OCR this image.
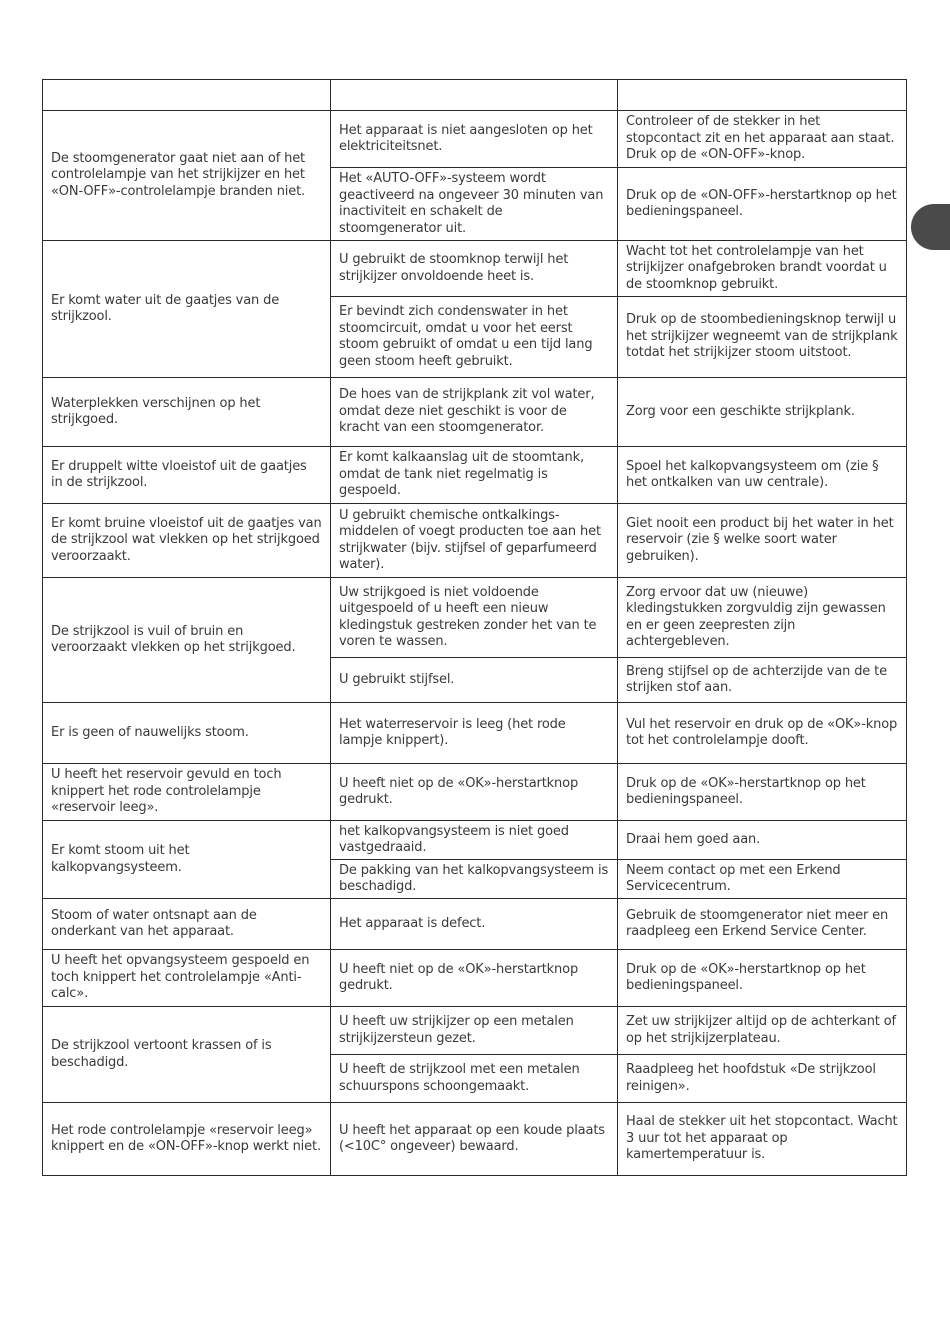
De stoomgenerator gaat niet aan of het controlelampje van het strijkijzer en het «ON-OFF»-controlelampje branden niet.	Het apparaat is niet aangesloten op het elektriciteitsnet.	Controleer of de stekker in het stopcontact zit en het apparaat aan staat. Druk op de «ON-OFF»-knop.
	Het «AUTO-OFF»-systeem wordt geactiveerd na ongeveer 30 minuten van inactiviteit en schakelt de stoomgenerator uit.	Druk op de «ON-OFF»-herstartknop op het bedieningspaneel.
Er komt water uit de gaatjes van de strijkzool.	U gebruikt de stoomknop terwijl het strijkijzer onvoldoende heet is.	Wacht tot het controlelampje van het strijkijzer onafgebroken brandt voordat u de stoomknop gebruikt.
	Er bevindt zich condenswater in het stoomcircuit, omdat u voor het eerst stoom gebruikt of omdat u een tijd lang geen stoom heeft gebruikt.	Druk op de stoombedieningsknop terwijl u het strijkijzer wegneemt van de strijkplank totdat het strijkijzer stoom uitstoot.
Waterplekken verschijnen op het strijkgoed.	De hoes van de strijkplank zit vol water, omdat deze niet geschikt is voor de kracht van een stoomgenerator.	Zorg voor een geschikte strijkplank.
Er druppelt witte vloeistof uit de gaatjes in de strijkzool.	Er komt kalkaanslag uit de stoomtank, omdat de tank niet regelmatig is gespoeld.	Spoel het kalkopvangsysteem om (zie § het ontkalken van uw centrale).
Er komt bruine vloeistof uit de gaatjes van de strijkzool wat vlekken op het strijkgoed veroorzaakt.	U gebruikt chemische ontkalkings- middelen of voegt producten toe aan het strijkwater (bijv. stijfsel of geparfumeerd water).	Giet nooit een product bij het water in het reservoir (zie § welke soort water gebruiken).
De strijkzool is vuil of bruin en veroorzaakt vlekken op het strijkgoed.	Uw strijkgoed is niet voldoende uitgespoeld of u heeft een nieuw kledingstuk gestreken zonder het van te voren te wassen.	Zorg ervoor dat uw (nieuwe) kledingstukken zorgvuldig zijn gewassen en er geen zeepresten zijn achtergebleven.
	U gebruikt stijfsel.	Breng stijfsel op de achterzijde van de te strijken stof aan.
Er is geen of nauwelijks stoom.	Het waterreservoir is leeg (het rode lampje knippert).	Vul het reservoir en druk op de «OK»-knop tot het controlelampje dooft.
U heeft het reservoir gevuld en toch knippert het rode controlelampje «reservoir leeg».	U heeft niet op de «OK»-herstartknop gedrukt.	Druk op de «OK»-herstartknop op het bedieningspaneel.
Er komt stoom uit het kalkopvangsysteem.	het kalkopvangsysteem is niet goed vastgedraaid.	Draai hem goed aan.
	De pakking van het kalkopvangsysteem is beschadigd.	Neem contact op met een Erkend Servicecentrum.
Stoom of water ontsnapt aan de onderkant van het apparaat.	Het apparaat is defect.	Gebruik de stoomgenerator niet meer en raadpleeg een Erkend Service Center.
U heeft het opvangsysteem gespoeld en toch knippert het controlelampje «Anti-calc».	U heeft niet op de «OK»-herstartknop gedrukt.	Druk op de «OK»-herstartknop op het bedieningspaneel.
De strijkzool vertoont krassen of is beschadigd.	U heeft uw strijkijzer op een metalen strijkijzersteun gezet.	Zet uw strijkijzer altijd op de achterkant of op het strijkijzerplateau.
	U heeft de strijkzool met een metalen schuurspons schoongemaakt.	Raadpleeg het hoofdstuk «De strijkzool reinigen».
Het rode controlelampje «reservoir leeg» knippert en de «ON-OFF»-knop werkt niet.	U heeft het apparaat op een koude plaats (<10C° ongeveer) bewaard.	Haal de stekker uit het stopcontact. Wacht 3 uur tot het apparaat op kamertemperatuur is.
